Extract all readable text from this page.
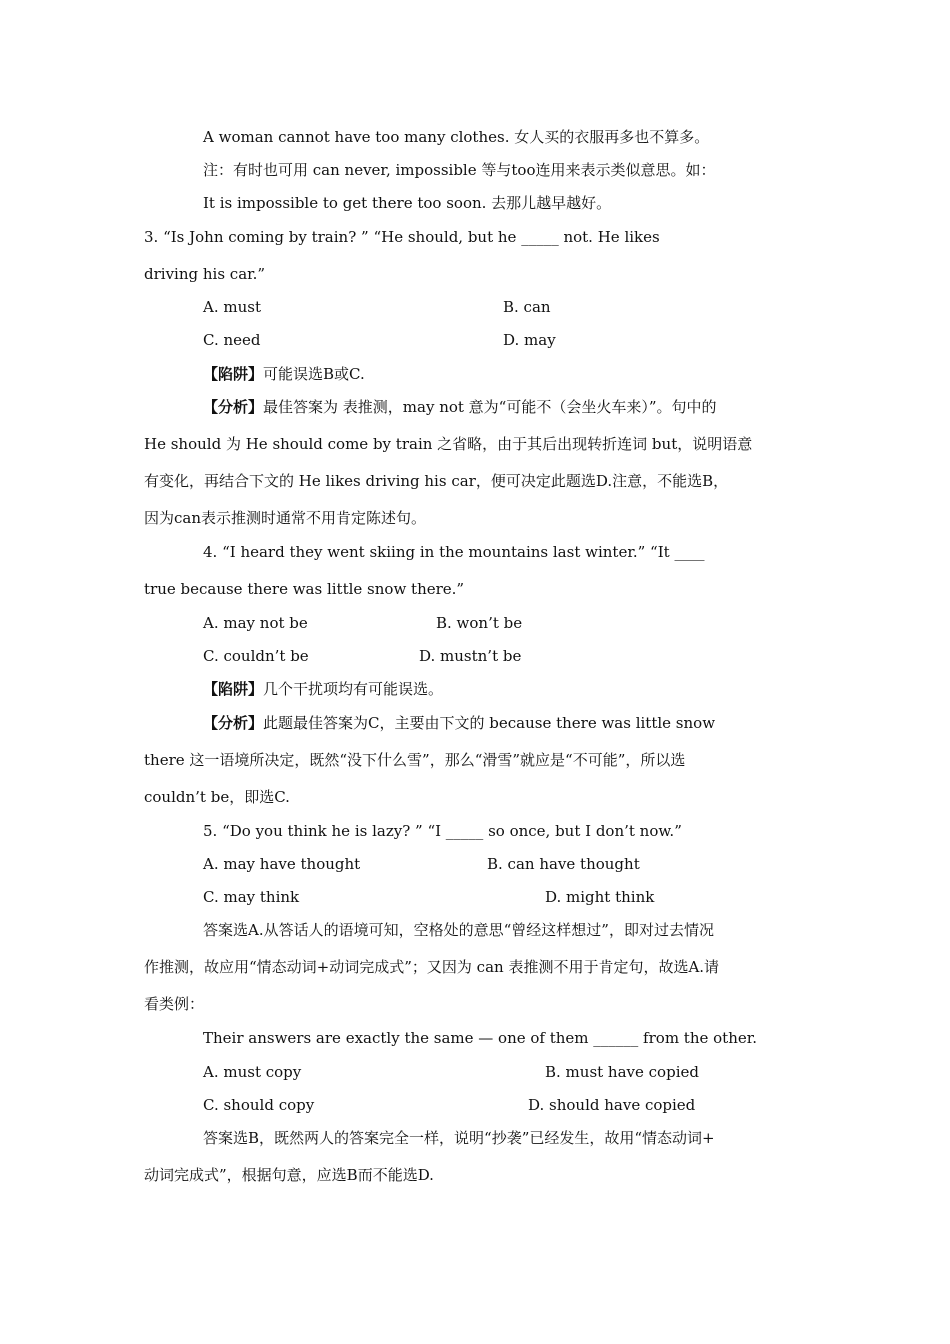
A woman cannot have too many clothes. 女人买的衣服再多也不算多。
注：有时也可用 can never, impossible 等与too连用来表示类似意思。如：
It is impossible to get there too soon. 去那儿越早越好。
3. “Is John coming by train? ” “He should, but he _____ not. He likes
driving his car.”
A. must	B. can
C. need	D. may
【陷阱】可能误选B或C.
【分析】最佳答案为 表推测，may not 意为“可能不（会坐火车来）”。句中的
He should 为 He should come by train 之省略，由于其后出现转折连词 but，说明语意
有变化，再结合下文的 He likes driving his car，便可决定此题选D.注意，不能选B，
因为can表示推测时通常不用肯定陈述句。
4. “I heard they went skiing in the mountains last winter.” “It ____
true because there was little snow there.”
A. may not be	B. won’t be
C. couldn’t be	D. mustn’t be
【陷阱】几个干扰项均有可能误选。
【分析】此题最佳答案为C，主要由下文的 because there was little snow
there 这一语境所决定，既然“没下什么雪”，那么“滑雪”就应是“不可能”，所以选
couldn’t be，即选C.
5. “Do you think he is lazy? ” “I _____ so once, but I don’t now.”
A. may have thought	B. can have thought
C. may think	D. might think
答案选A.从答话人的语境可知，空格处的意思“曾经这样想过”，即对过去情况
作推测，故应用“情态动词+动词完成式”；又因为 can 表推测不用于肯定句，故选A.请
看类例：
Their answers are exactly the same — one of them ______ from the other.
A. must copy	B. must have copied
C. should copy	D. should have copied
答案选B，既然两人的答案完全一样，说明“抄袭”已经发生，故用“情态动词+
动词完成式”，根据句意，应选B而不能选D.
